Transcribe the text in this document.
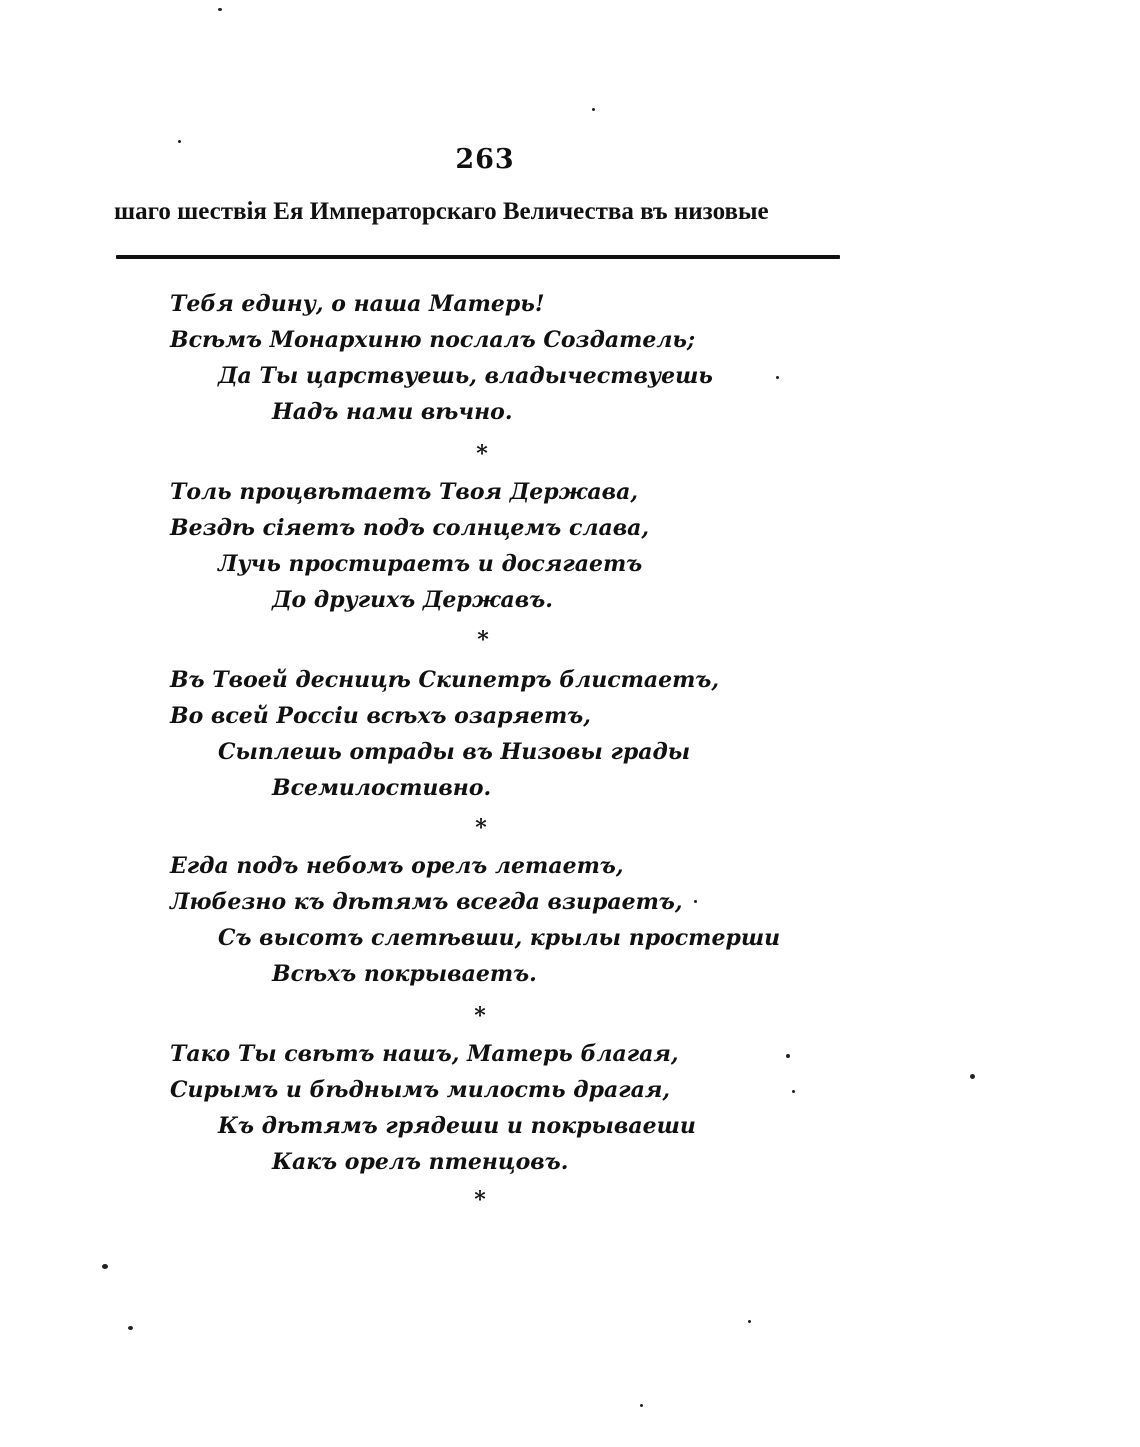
263
шаго шествія Ея Императорскаго Величества въ низовые
Тебя едину, о наша Матерь!
Всѣмъ Монархиню послалъ Создатель;
Да Ты царствуешь, владычествуешь
Надъ нами вѣчно.
*
Толь процвѣтаетъ Твоя Держава,
Вездѣ сіяетъ подъ солнцемъ слава,
Лучь простираетъ и досягаетъ
До другихъ Державъ.
*
Въ Твоей десницѣ Скипетръ блистаетъ,
Во всей Россіи всѣхъ озаряетъ,
Сыплешь отрады въ Низовы грады
Всемилостивно.
*
Егда подъ небомъ орелъ летаетъ,
Любезно къ дѣтямъ всегда взираетъ,
Съ высотъ слетѣвши, крылы простерши
Всѣхъ покрываетъ.
*
Тако Ты свѣтъ нашъ, Матерь благая,
Сирымъ и бѣднымъ милость драгая,
Къ дѣтямъ грядеши и покрываеши
Какъ орелъ птенцовъ.
*
